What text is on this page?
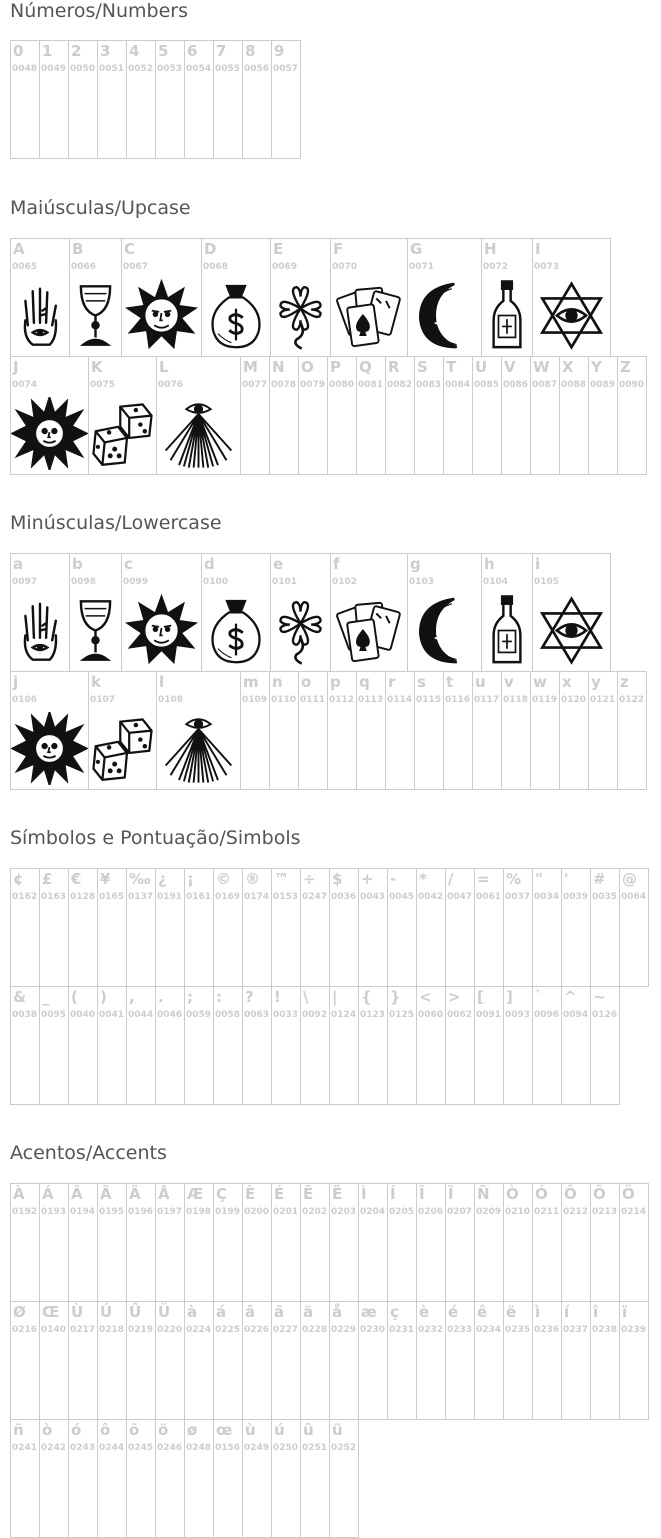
Números/Numbers
Maiúsculas/Upcase
Minúsculas/Lowercase
Símbolos e Pontuação/Simbols
Acentos/Accents
0
0048
1
0049
2
0050
3
0051
4
0052
5
0053
6
0054
7
0055
8
0056
9
0057
A
0065
B
0066
C
0067
D
0068
E
0069
F
0070
G
0071
H
0072
I
0073
J
0074
K
0075
L
0076
M
0077
N
0078
O
0079
P
0080
Q
0081
R
0082
S
0083
T
0084
U
0085
V
0086
W
0087
X
0088
Y
0089
Z
0090
a
0097
b
0098
c
0099
d
0100
e
0101
f
0102
g
0103
h
0104
i
0105
j
0106
k
0107
l
0108
m
0109
n
0110
o
0111
p
0112
q
0113
r
0114
s
0115
t
0116
u
0117
v
0118
w
0119
x
0120
y
0121
z
0122
¢
0162
£
0163
€
0128
¥
0165
‰
0137
¿
0191
¡
0161
©
0169
®
0174
™
0153
÷
0247
$
0036
+
0043
-
0045
*
0042
/
0047
=
0061
%
0037
"
0034
'
0039
#
0035
@
0064
&
0038
_
0095
(
0040
)
0041
,
0044
.
0046
;
0059
:
0058
?
0063
!
0033
\
0092
|
0124
{
0123
}
0125
<
0060
>
0062
[
0091
]
0093
`
0096
^
0094
~
0126
À
0192
Á
0193
Â
0194
Ã
0195
Ä
0196
Å
0197
Æ
0198
Ç
0199
È
0200
É
0201
Ê
0202
Ë
0203
Ì
0204
Í
0205
Î
0206
Ï
0207
Ñ
0209
Ò
0210
Ó
0211
Ô
0212
Õ
0213
Ö
0214
Ø
0216
Œ
0140
Ù
0217
Ú
0218
Û
0219
Ü
0220
à
0224
á
0225
â
0226
ã
0227
ä
0228
å
0229
æ
0230
ç
0231
è
0232
é
0233
ê
0234
ë
0235
ì
0236
í
0237
î
0238
ï
0239
ñ
0241
ò
0242
ó
0243
ô
0244
õ
0245
ö
0246
ø
0248
œ
0156
ù
0249
ú
0250
û
0251
ü
0252
